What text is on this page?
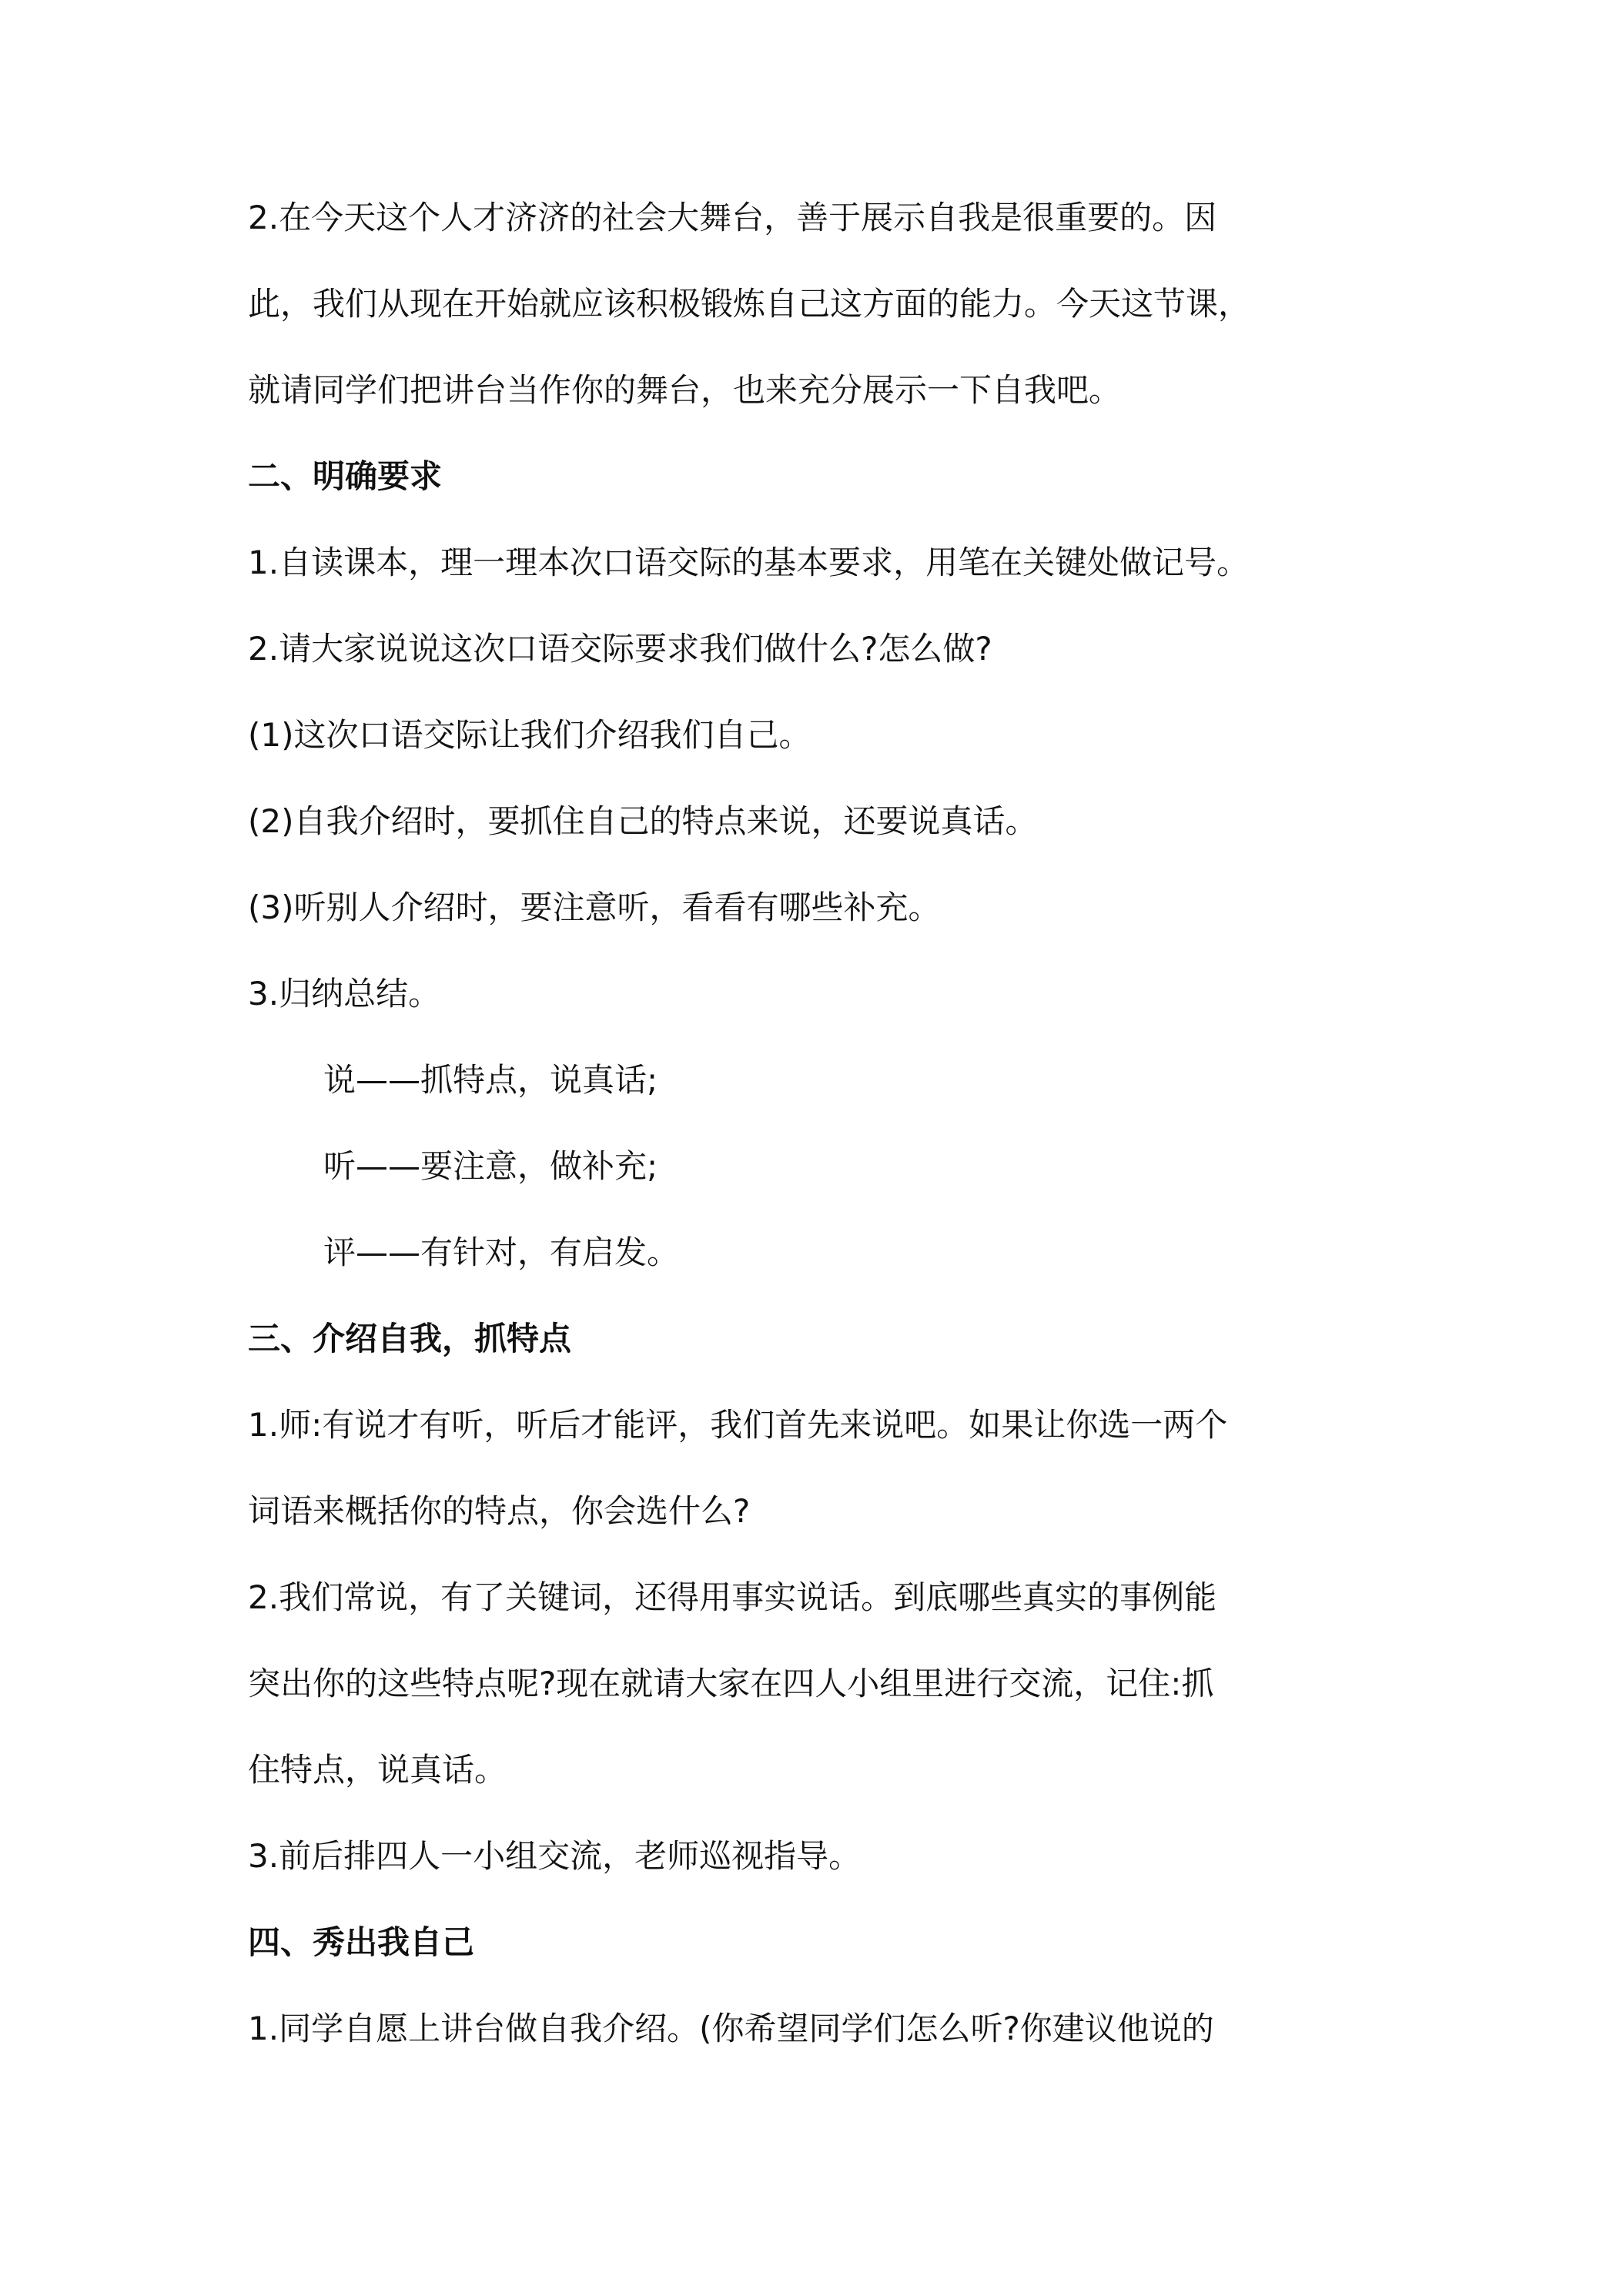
2.在今天这个人才济济的社会大舞台，善于展示自我是很重要的。因
此，我们从现在开始就应该积极锻炼自己这方面的能力。今天这节课，
就请同学们把讲台当作你的舞台，也来充分展示一下自我吧。
二、明确要求
1.自读课本，理一理本次口语交际的基本要求，用笔在关键处做记号。
2.请大家说说这次口语交际要求我们做什么?怎么做?
(1)这次口语交际让我们介绍我们自己。
(2)自我介绍时，要抓住自己的特点来说，还要说真话。
(3)听别人介绍时，要注意听，看看有哪些补充。
3.归纳总结。
说——抓特点，说真话;
听——要注意，做补充;
评——有针对，有启发。
三、介绍自我，抓特点
1.师:有说才有听，听后才能评，我们首先来说吧。如果让你选一两个
词语来概括你的特点，你会选什么?
2.我们常说，有了关键词，还得用事实说话。到底哪些真实的事例能
突出你的这些特点呢?现在就请大家在四人小组里进行交流，记住:抓
住特点，说真话。
3.前后排四人一小组交流，老师巡视指导。
四、秀出我自己
1.同学自愿上讲台做自我介绍。(你希望同学们怎么听?你建议他说的
